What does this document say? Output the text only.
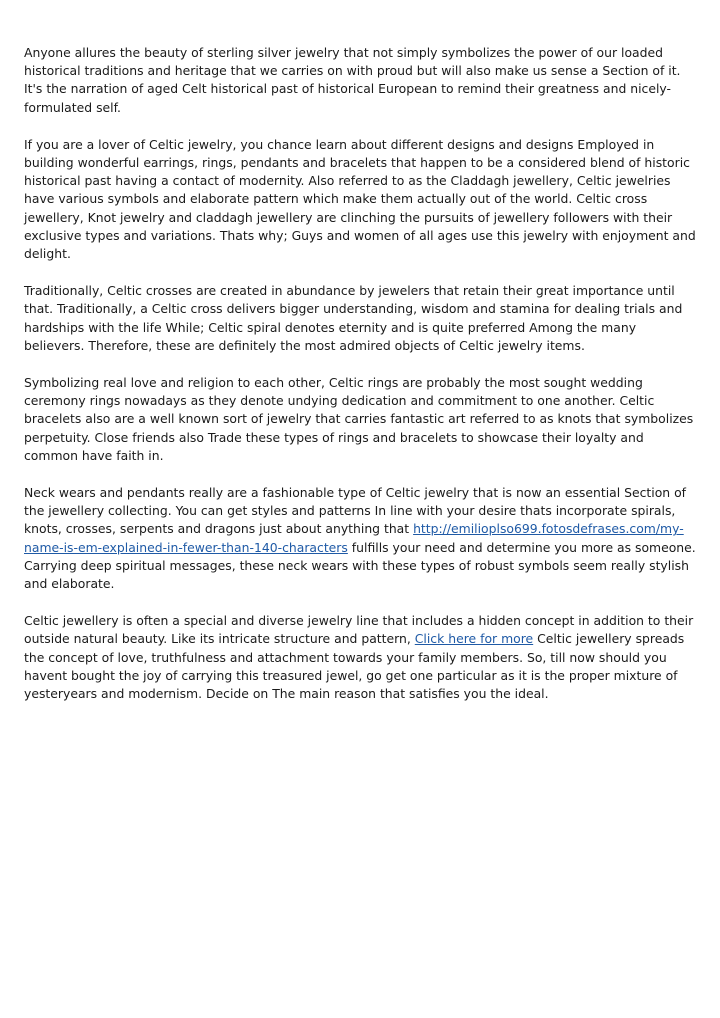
Anyone allures the beauty of sterling silver jewelry that not simply symbolizes the power of our loaded historical traditions and heritage that we carries on with proud but will also make us sense a Section of it. It's the narration of aged Celt historical past of historical European to remind their greatness and nicely-formulated self.

If you are a lover of Celtic jewelry, you chance learn about different designs and designs Employed in building wonderful earrings, rings, pendants and bracelets that happen to be a considered blend of historic historical past having a contact of modernity. Also referred to as the Claddagh jewellery, Celtic jewelries have various symbols and elaborate pattern which make them actually out of the world. Celtic cross jewellery, Knot jewelry and claddagh jewellery are clinching the pursuits of jewellery followers with their exclusive types and variations. Thats why; Guys and women of all ages use this jewelry with enjoyment and delight.

Traditionally, Celtic crosses are created in abundance by jewelers that retain their great importance until that. Traditionally, a Celtic cross delivers bigger understanding, wisdom and stamina for dealing trials and hardships with the life While; Celtic spiral denotes eternity and is quite preferred Among the many believers. Therefore, these are definitely the most admired objects of Celtic jewelry items.

Symbolizing real love and religion to each other, Celtic rings are probably the most sought wedding ceremony rings nowadays as they denote undying dedication and commitment to one another. Celtic bracelets also are a well known sort of jewelry that carries fantastic art referred to as knots that symbolizes perpetuity. Close friends also Trade these types of rings and bracelets to showcase their loyalty and common have faith in.

Neck wears and pendants really are a fashionable type of Celtic jewelry that is now an essential Section of the jewellery collecting. You can get styles and patterns In line with your desire thats incorporate spirals, knots, crosses, serpents and dragons just about anything that http://emilioplso699.fotosdefrases.com/my-name-is-em-explained-in-fewer-than-140-characters fulfills your need and determine you more as someone. Carrying deep spiritual messages, these neck wears with these types of robust symbols seem really stylish and elaborate.

Celtic jewellery is often a special and diverse jewelry line that includes a hidden concept in addition to their outside natural beauty. Like its intricate structure and pattern, Click here for more Celtic jewellery spreads the concept of love, truthfulness and attachment towards your family members. So, till now should you havent bought the joy of carrying this treasured jewel, go get one particular as it is the proper mixture of yesteryears and modernism. Decide on The main reason that satisfies you the ideal.
